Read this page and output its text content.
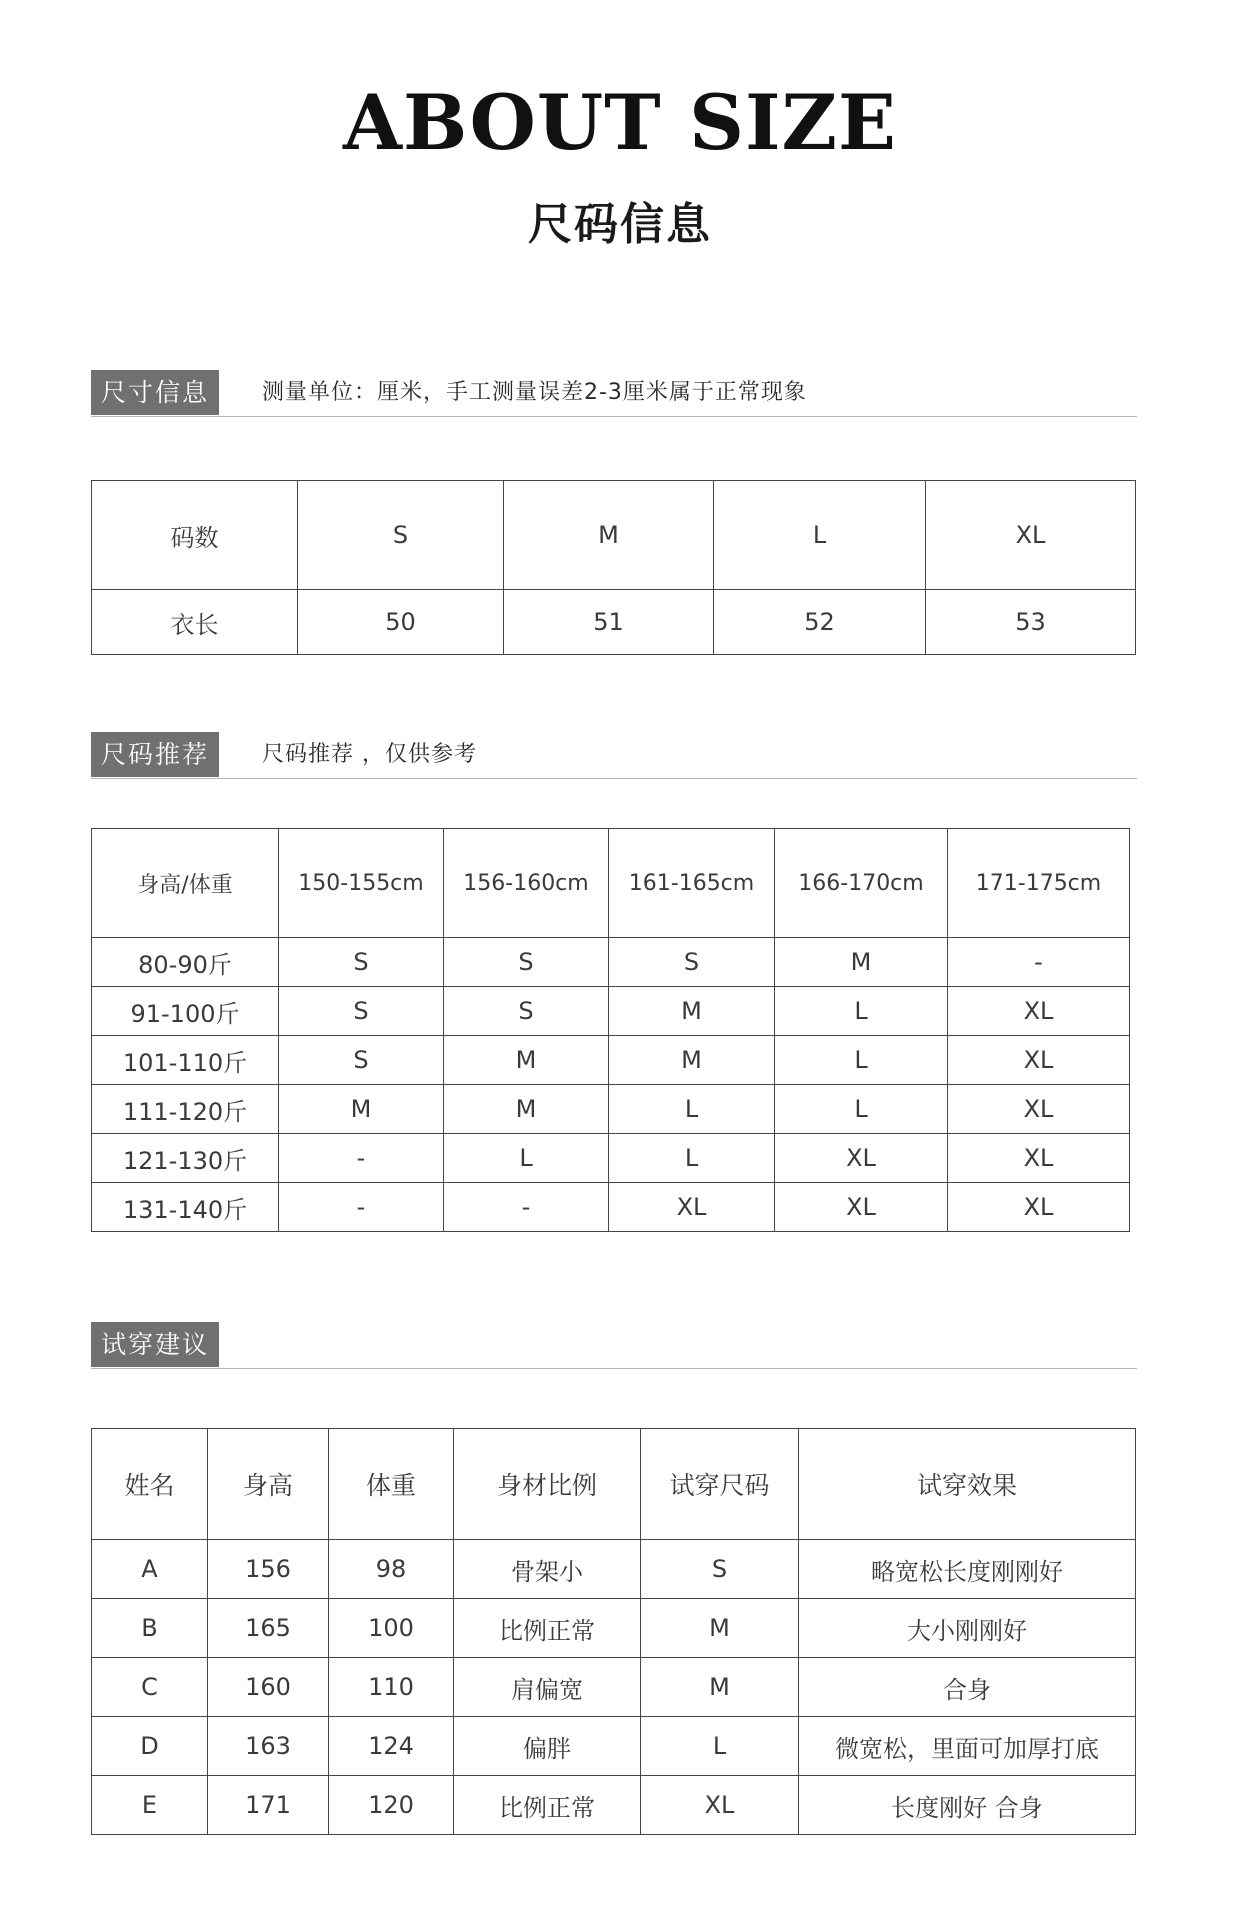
ABOUT SIZE
尺码信息
尺寸信息	测量单位：厘米，手工测量误差2-3厘米属于正常现象
码数	S	M	L	XL
衣长	50	51	52	53
尺码推荐	尺码推荐 ，仅供参考
身高/体重	150-155cm	156-160cm	161-165cm	166-170cm	171-175cm
80-90斤	S	S	S	M	-
91-100斤	S	S	M	L	XL
101-110斤	S	M	M	L	XL
111-120斤	M	M	L	L	XL
121-130斤	-	L	L	XL	XL
131-140斤	-	-	XL	XL	XL
试穿建议
姓名	身高	体重	身材比例	试穿尺码	试穿效果
A	156	98	骨架小	S	略宽松长度刚刚好
B	165	100	比例正常	M	大小刚刚好
C	160	110	肩偏宽	M	合身
D	163	124	偏胖	L	微宽松，里面可加厚打底
E	171	120	比例正常	XL	长度刚好 合身
